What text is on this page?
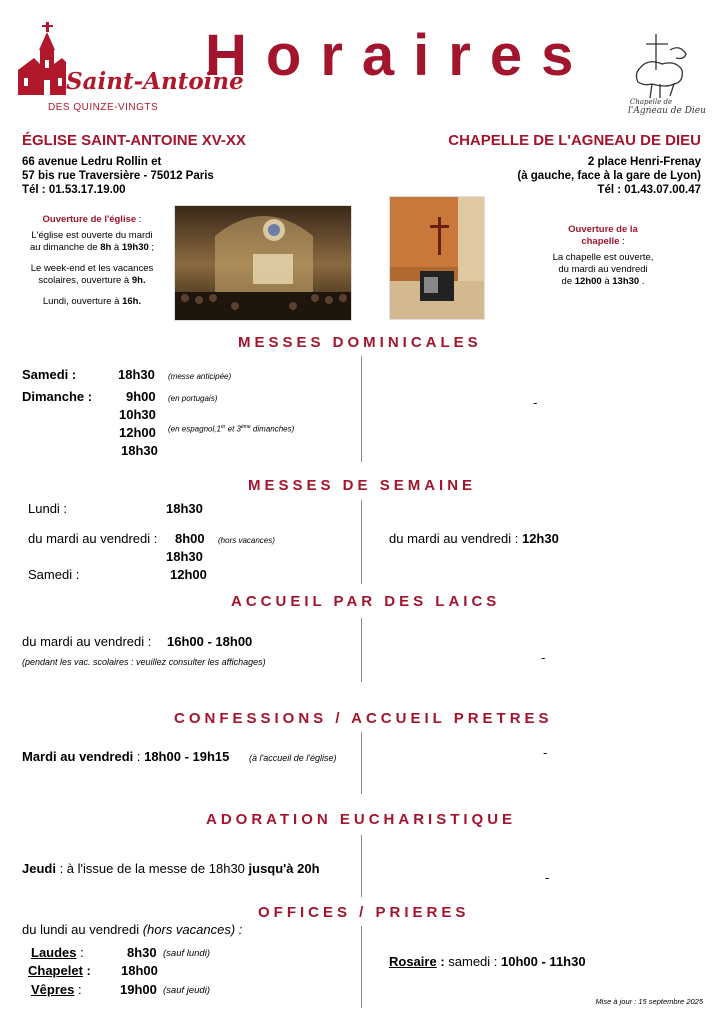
Saint-Antoine
DES QUINZE-VINGTS
Horaires
Chapelle de
l'Agneau de Dieu
ÉGLISE SAINT-ANTOINE XV-XX
66 avenue Ledru Rollin et
57 bis rue Traversière - 75012 Paris
Tél : 01.53.17.19.00
CHAPELLE DE L'AGNEAU DE DIEU
2 place Henri-Frenay
(à gauche, face à la gare de Lyon)
Tél : 01.43.07.00.47
Ouverture de l'église :
L'église est ouverte du mardi
au dimanche de 8h à 19h30 ;
Le week-end et les vacances
scolaires, ouverture à 9h.
Lundi, ouverture à 16h.
Ouverture de la chapelle :
La chapelle est ouverte,
du mardi au vendredi
de 12h00 à 13h30 .
MESSES DOMINICALES
Samedi :	18h30 (messe anticipée)
Dimanche :	9h00 (en portugais)
10h30
12h00 (en espagnol,1er et 3ème dimanches)
18h30
-
MESSES DE SEMAINE
Lundi :	18h30
du mardi au vendredi : 8h00 (hors vacances)
18h30
Samedi :	12h00
du mardi au vendredi : 12h30
ACCUEIL PAR DES LAICS
du mardi au vendredi : 16h00 - 18h00
(pendant les vac. scolaires : veuillez consulter les affichages)	-
CONFESSIONS / ACCUEIL PRETRES
Mardi au vendredi : 18h00 - 19h15 (à l'accueil de l'église)	-
ADORATION EUCHARISTIQUE
Jeudi : à l'issue de la messe de 18h30 jusqu'à 20h
-
OFFICES / PRIERES
du lundi au vendredi (hors vacances) :
Laudes :	8h30 (sauf lundi)
Chapelet : 18h00
Vêpres :	19h00 (sauf jeudi)
Rosaire : samedi : 10h00 - 11h30
Mise à jour : 15 septembre 2025
